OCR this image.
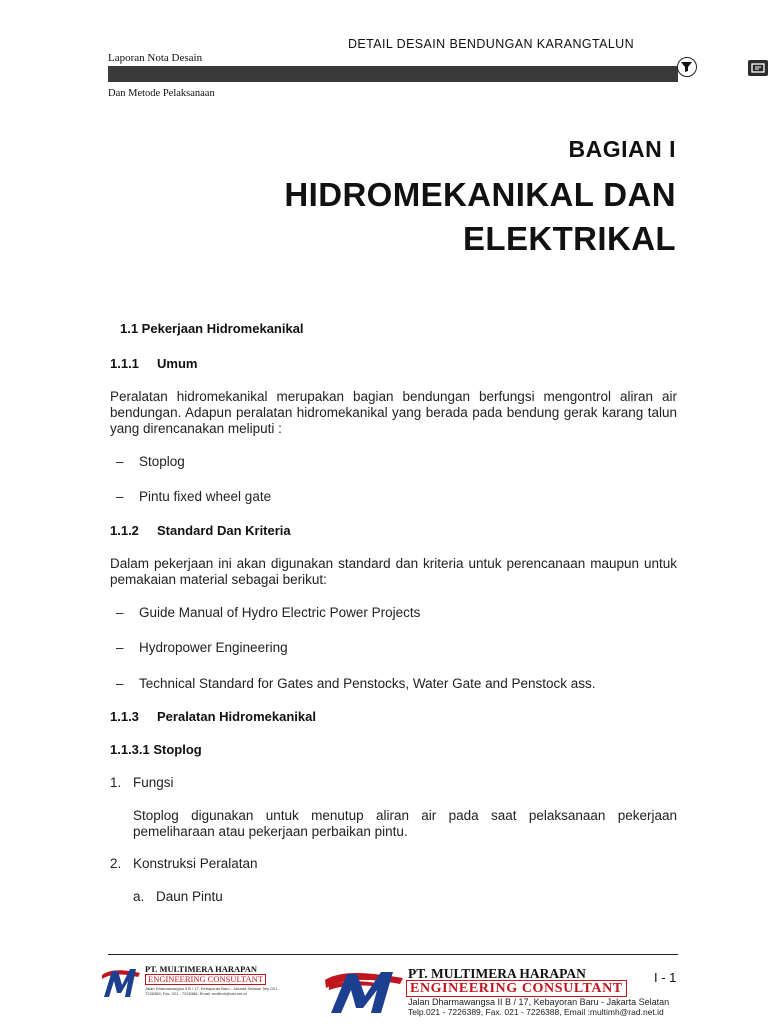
DETAIL DESAIN BENDUNGAN KARANGTALUN
Laporan Nota Desain
Dan Metode Pelaksanaan
BAGIAN I
HIDROMEKANIKAL DAN
ELEKTRIKAL
1.1 Pekerjaan Hidromekanikal
1.1.1 Umum
Peralatan hidromekanikal merupakan bagian bendungan berfungsi mengontrol aliran air bendungan. Adapun peralatan hidromekanikal yang berada pada bendung gerak karang talun yang direncanakan meliputi :
– Stoplog
– Pintu fixed wheel gate
1.1.2 Standard Dan Kriteria
Dalam pekerjaan ini akan digunakan standard dan kriteria untuk perencanaan maupun untuk pemakaian material sebagai berikut:
– Guide Manual of Hydro Electric Power Projects
– Hydropower Engineering
– Technical Standard for Gates and Penstocks, Water Gate and Penstock ass.
1.1.3 Peralatan Hidromekanikal
1.1.3.1 Stoplog
1. Fungsi
Stoplog digunakan untuk menutup aliran air pada saat pelaksanaan pekerjaan pemeliharaan atau pekerjaan perbaikan pintu.
2. Konstruksi Peralatan
a. Daun Pintu
PT. MULTIMERA HARAPAN
ENGINEERING CONSULTANT
Jalan Dharmawangsa II B / 17, Kebayoran Baru - Jakarta Selatan Telp.021 - 7226389, Fax. 021 - 7226388, Email :multimh@rad.net.id
PT. MULTIMERA HARAPAN
ENGINEERING CONSULTANT
Jalan Dharmawangsa II B / 17, Kebayoran Baru - Jakarta Selatan
Telp.021 - 7226389, Fax. 021 - 7226388, Email :multimh@rad.net.id
I - 1
